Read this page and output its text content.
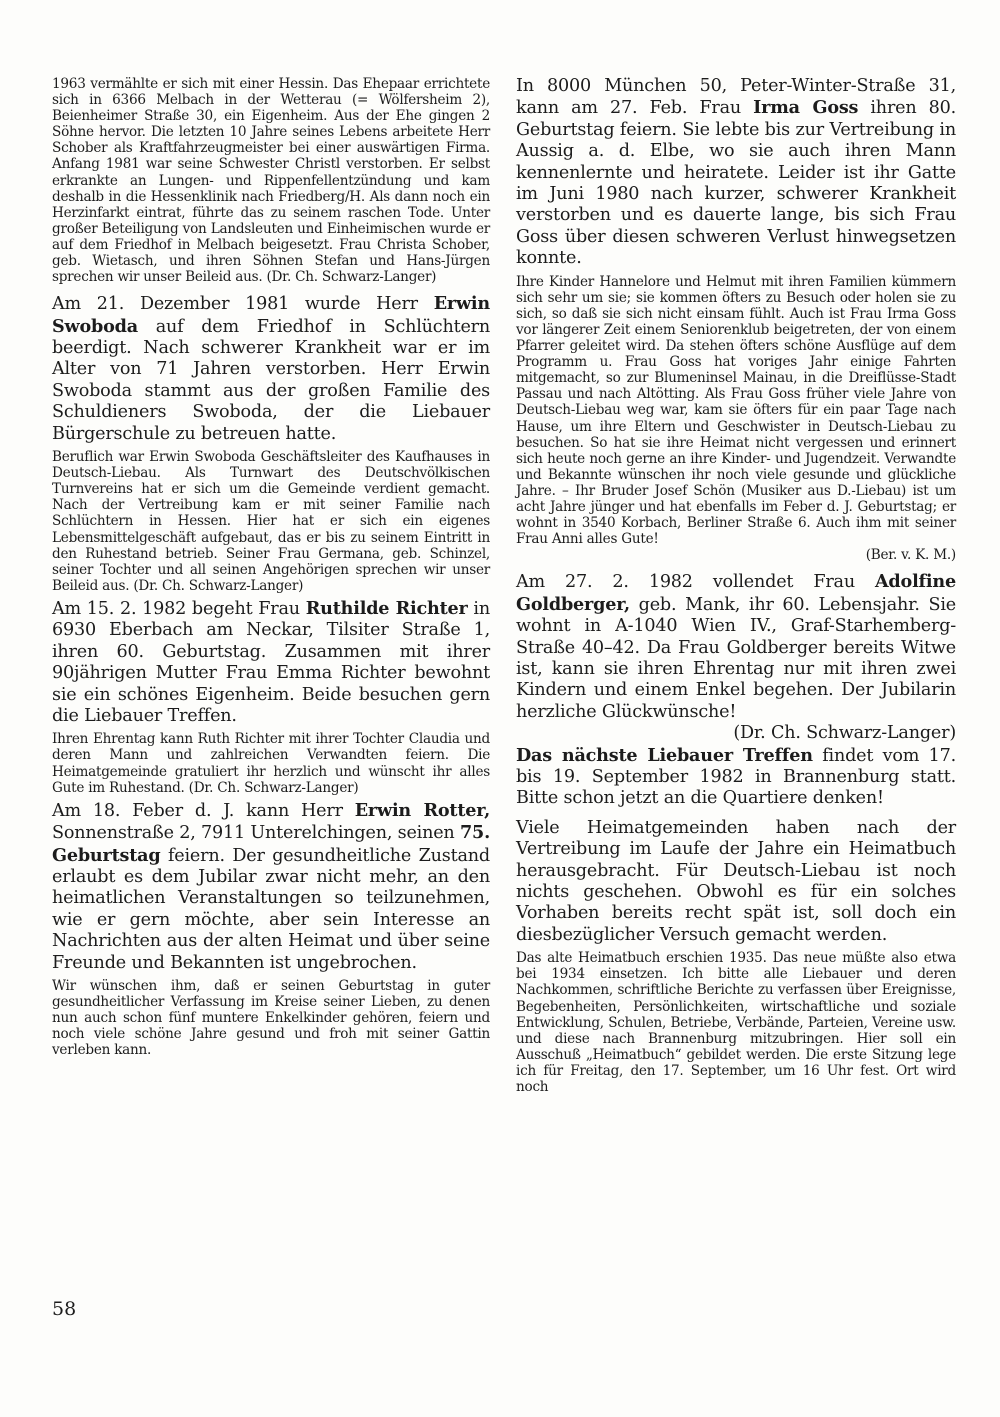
1963 vermählte er sich mit einer Hessin. Das Ehepaar errichtete sich in 6366 Melbach in der Wetterau (= Wölfersheim 2), Beienheimer Straße 30, ein Eigenheim. Aus der Ehe gingen 2 Söhne hervor. Die letzten 10 Jahre seines Lebens arbeitete Herr Schober als Kraftfahrzeugmeister bei einer auswärtigen Firma. Anfang 1981 war seine Schwester Christl verstorben. Er selbst erkrankte an Lungen- und Rippenfellentzündung und kam deshalb in die Hessenklinik nach Friedberg/H. Als dann noch ein Herzinfarkt eintrat, führte das zu seinem raschen Tode. Unter großer Beteiligung von Landsleuten und Einheimischen wurde er auf dem Friedhof in Melbach beigesetzt. Frau Christa Schober, geb. Wietasch, und ihren Söhnen Stefan und Hans-Jürgen sprechen wir unser Beileid aus. (Dr. Ch. Schwarz-Langer)

Am 21. Dezember 1981 wurde Herr Erwin Swoboda auf dem Friedhof in Schlüchtern beerdigt. Nach schwerer Krankheit war er im Alter von 71 Jahren verstorben. Herr Erwin Swoboda stammt aus der großen Familie des Schuldieners Swoboda, der die Liebauer Bürgerschule zu betreuen hatte.

Beruflich war Erwin Swoboda Geschäftsleiter des Kaufhauses in Deutsch-Liebau. Als Turnwart des Deutschvölkischen Turnvereins hat er sich um die Gemeinde verdient gemacht. Nach der Vertreibung kam er mit seiner Familie nach Schlüchtern in Hessen. Hier hat er sich ein eigenes Lebensmittelgeschäft aufgebaut, das er bis zu seinem Eintritt in den Ruhestand betrieb. Seiner Frau Germana, geb. Schinzel, seiner Tochter und all seinen Angehörigen sprechen wir unser Beileid aus. (Dr. Ch. Schwarz-Langer)

Am 15. 2. 1982 begeht Frau Ruthilde Richter in 6930 Eberbach am Neckar, Tilsiter Straße 1, ihren 60. Geburtstag. Zusammen mit ihrer 90jährigen Mutter Frau Emma Richter bewohnt sie ein schönes Eigenheim. Beide besuchen gern die Liebauer Treffen.

Ihren Ehrentag kann Ruth Richter mit ihrer Tochter Claudia und deren Mann und zahlreichen Verwandten feiern. Die Heimatgemeinde gratuliert ihr herzlich und wünscht ihr alles Gute im Ruhestand. (Dr. Ch. Schwarz-Langer)

Am 18. Feber d. J. kann Herr Erwin Rotter, Sonnenstraße 2, 7911 Unterelchingen, seinen 75. Geburtstag feiern. Der gesundheitliche Zustand erlaubt es dem Jubilar zwar nicht mehr, an den heimatlichen Veranstaltungen so teilzunehmen, wie er gern möchte, aber sein Interesse an Nachrichten aus der alten Heimat und über seine Freunde und Bekannten ist ungebrochen.

Wir wünschen ihm, daß er seinen Geburtstag in guter gesundheitlicher Verfassung im Kreise seiner Lieben, zu denen nun auch schon fünf muntere Enkelkinder gehören, feiern und noch viele schöne Jahre gesund und froh mit seiner Gattin verleben kann.

In 8000 München 50, Peter-Winter-Straße 31, kann am 27. Feb. Frau Irma Goss ihren 80. Geburtstag feiern. Sie lebte bis zur Vertreibung in Aussig a. d. Elbe, wo sie auch ihren Mann kennenlernte und heiratete. Leider ist ihr Gatte im Juni 1980 nach kurzer, schwerer Krankheit verstorben und es dauerte lange, bis sich Frau Goss über diesen schweren Verlust hinwegsetzen konnte.

Ihre Kinder Hannelore und Helmut mit ihren Familien kümmern sich sehr um sie; sie kommen öfters zu Besuch oder holen sie zu sich, so daß sie sich nicht einsam fühlt. Auch ist Frau Irma Goss vor längerer Zeit einem Seniorenklub beigetreten, der von einem Pfarrer geleitet wird. Da stehen öfters schöne Ausflüge auf dem Programm u. Frau Goss hat voriges Jahr einige Fahrten mitgemacht, so zur Blumeninsel Mainau, in die Dreiflüsse-Stadt Passau und nach Altötting. Als Frau Goss früher viele Jahre von Deutsch-Liebau weg war, kam sie öfters für ein paar Tage nach Hause, um ihre Eltern und Geschwister in Deutsch-Liebau zu besuchen. So hat sie ihre Heimat nicht vergessen und erinnert sich heute noch gerne an ihre Kinder- und Jugendzeit. Verwandte und Bekannte wünschen ihr noch viele gesunde und glückliche Jahre. – Ihr Bruder Josef Schön (Musiker aus D.-Liebau) ist um acht Jahre jünger und hat ebenfalls im Feber d. J. Geburtstag; er wohnt in 3540 Korbach, Berliner Straße 6. Auch ihm mit seiner Frau Anni alles Gute!

(Ber. v. K. M.)

Am 27. 2. 1982 vollendet Frau Adolfine Goldberger, geb. Mank, ihr 60. Lebensjahr. Sie wohnt in A-1040 Wien IV., Graf-Starhemberg-Straße 40–42. Da Frau Goldberger bereits Witwe ist, kann sie ihren Ehrentag nur mit ihren zwei Kindern und einem Enkel begehen. Der Jubilarin herzliche Glückwünsche!
(Dr. Ch. Schwarz-Langer)

Das nächste Liebauer Treffen findet vom 17. bis 19. September 1982 in Brannenburg statt. Bitte schon jetzt an die Quartiere denken!

Viele Heimatgemeinden haben nach der Vertreibung im Laufe der Jahre ein Heimatbuch herausgebracht. Für Deutsch-Liebau ist noch nichts geschehen. Obwohl es für ein solches Vorhaben bereits recht spät ist, soll doch ein diesbezüglicher Versuch gemacht werden.

Das alte Heimatbuch erschien 1935. Das neue müßte also etwa bei 1934 einsetzen. Ich bitte alle Liebauer und deren Nachkommen, schriftliche Berichte zu verfassen über Ereignisse, Begebenheiten, Persönlichkeiten, wirtschaftliche und soziale Entwicklung, Schulen, Betriebe, Verbände, Parteien, Vereine usw. und diese nach Brannenburg mitzubringen. Hier soll ein Ausschuß „Heimatbuch“ gebildet werden. Die erste Sitzung lege ich für Freitag, den 17. September, um 16 Uhr fest. Ort wird noch

58
